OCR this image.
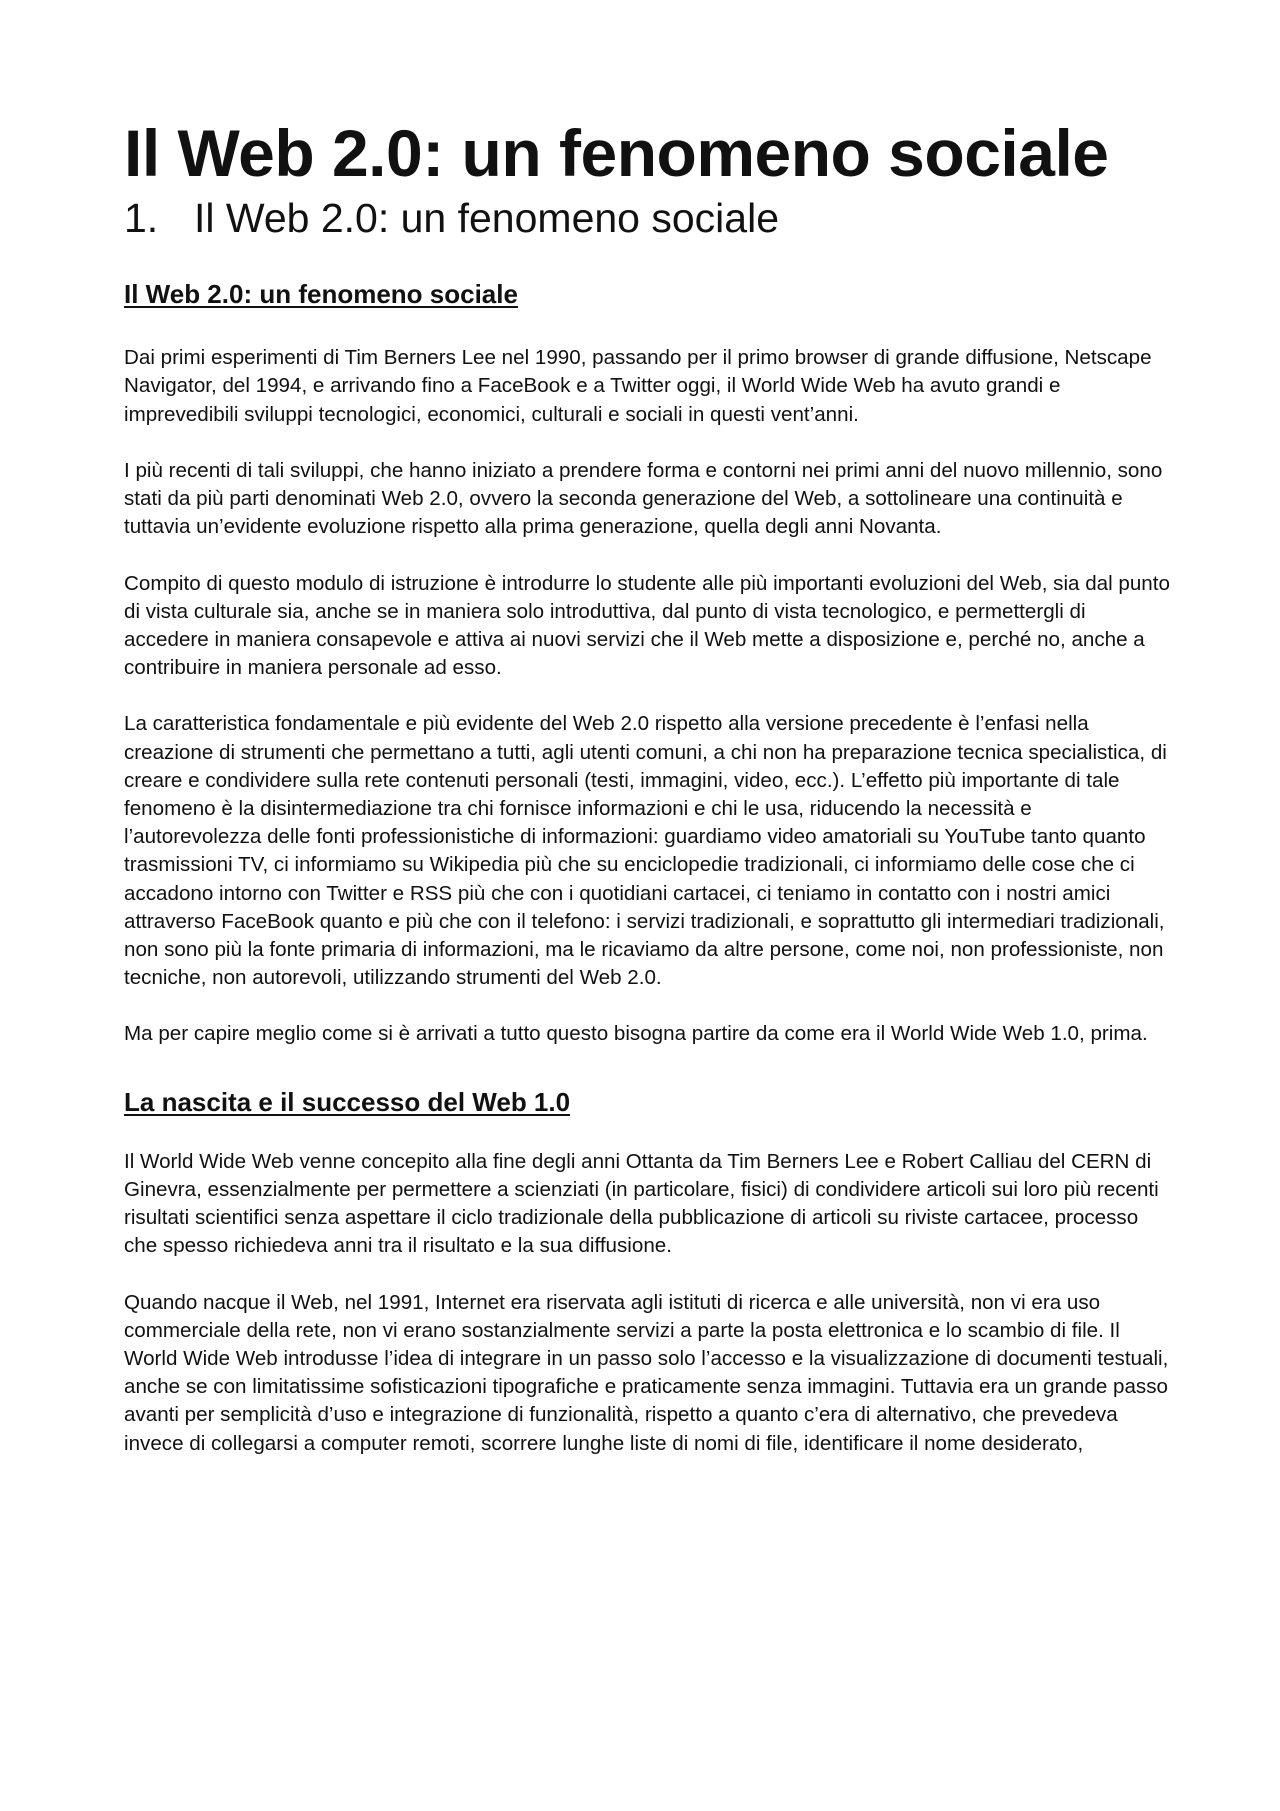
Il Web 2.0: un fenomeno sociale
1. Il Web 2.0: un fenomeno sociale
Il Web 2.0: un fenomeno sociale

Dai primi esperimenti di Tim Berners Lee nel 1990, passando per il primo browser di grande diffusione, Netscape Navigator, del 1994, e arrivando fino a FaceBook e a Twitter oggi, il World Wide Web ha avuto grandi e imprevedibili sviluppi tecnologici, economici, culturali e sociali in questi vent’anni.

I più recenti di tali sviluppi, che hanno iniziato a prendere forma e contorni nei primi anni del nuovo millennio, sono stati da più parti denominati Web 2.0, ovvero la seconda generazione del Web, a sottolineare una continuità e tuttavia un’evidente evoluzione rispetto alla prima generazione, quella degli anni Novanta.

Compito di questo modulo di istruzione è introdurre lo studente alle più importanti evoluzioni del Web, sia dal punto di vista culturale sia, anche se in maniera solo introduttiva, dal punto di vista tecnologico, e permettergli di accedere in maniera consapevole e attiva ai nuovi servizi che il Web mette a disposizione e, perché no, anche a contribuire in maniera personale ad esso.

La caratteristica fondamentale e più evidente del Web 2.0 rispetto alla versione precedente è l’enfasi nella creazione di strumenti che permettano a tutti, agli utenti comuni, a chi non ha preparazione tecnica specialistica, di creare e condividere sulla rete contenuti personali (testi, immagini, video, ecc.). L’effetto più importante di tale fenomeno è la disintermediazione tra chi fornisce informazioni e chi le usa, riducendo la necessità e l’autorevolezza delle fonti professionistiche di informazioni: guardiamo video amatoriali su YouTube tanto quanto trasmissioni TV, ci informiamo su Wikipedia più che su enciclopedie tradizionali, ci informiamo delle cose che ci accadono intorno con Twitter e RSS più che con i quotidiani cartacei, ci teniamo in contatto con i nostri amici attraverso FaceBook quanto e più che con il telefono: i servizi tradizionali, e soprattutto gli intermediari tradizionali, non sono più la fonte primaria di informazioni, ma le ricaviamo da altre persone, come noi, non professioniste, non tecniche, non autorevoli, utilizzando strumenti del Web 2.0.

Ma per capire meglio come si è arrivati a tutto questo bisogna partire da come era il World Wide Web 1.0, prima.

La nascita e il successo del Web 1.0

Il World Wide Web venne concepito alla fine degli anni Ottanta da Tim Berners Lee e Robert Calliau del CERN di Ginevra, essenzialmente per permettere a scienziati (in particolare, fisici) di condividere articoli sui loro più recenti risultati scientifici senza aspettare il ciclo tradizionale della pubblicazione di articoli su riviste cartacee, processo che spesso richiedeva anni tra il risultato e la sua diffusione.

Quando nacque il Web, nel 1991, Internet era riservata agli istituti di ricerca e alle università, non vi era uso commerciale della rete, non vi erano sostanzialmente servizi a parte la posta elettronica e lo scambio di file. Il World Wide Web introdusse l’idea di integrare in un passo solo l’accesso e la visualizzazione di documenti testuali, anche se con limitatissime sofisticazioni tipografiche e praticamente senza immagini. Tuttavia era un grande passo avanti per semplicità d’uso e integrazione di funzionalità, rispetto a quanto c’era di alternativo, che prevedeva invece di collegarsi a computer remoti, scorrere lunghe liste di nomi di file, identificare il nome desiderato,
